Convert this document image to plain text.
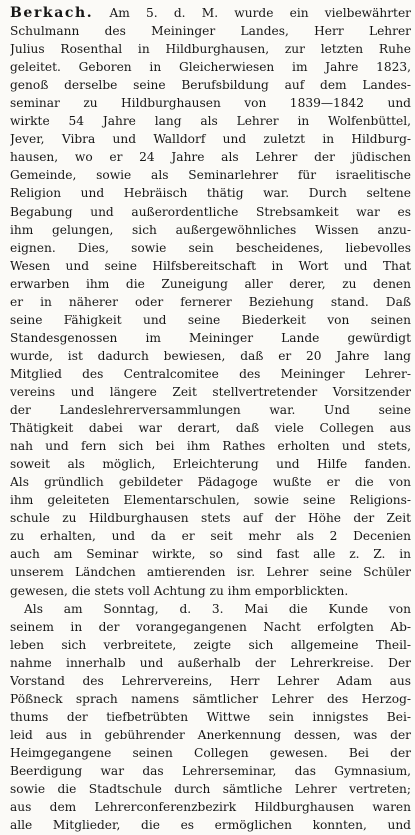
Berkach. Am 5. d. M. wurde ein vielbewährter
Schulmann des Meininger Landes, Herr Lehrer
Julius Rosenthal in Hildburghausen, zur letzten Ruhe
geleitet. Geboren in Gleicherwiesen im Jahre 1823,
genoß derselbe seine Berufsbildung auf dem Landes-
seminar zu Hildburghausen von 1839—1842 und
wirkte 54 Jahre lang als Lehrer in Wolfenbüttel,
Jever, Vibra und Walldorf und zuletzt in Hildburg-
hausen, wo er 24 Jahre als Lehrer der jüdischen
Gemeinde, sowie als Seminarlehrer für israelitische
Religion und Hebräisch thätig war. Durch seltene
Begabung und außerordentliche Strebsamkeit war es
ihm gelungen, sich außergewöhnliches Wissen anzu-
eignen. Dies, sowie sein bescheidenes, liebevolles
Wesen und seine Hilfsbereitschaft in Wort und That
erwarben ihm die Zuneigung aller derer, zu denen
er in näherer oder fernerer Beziehung stand. Daß
seine Fähigkeit und seine Biederkeit von seinen
Standesgenossen im Meininger Lande gewürdigt
wurde, ist dadurch bewiesen, daß er 20 Jahre lang
Mitglied des Centralcomitee des Meininger Lehrer-
vereins und längere Zeit stellvertretender Vorsitzender
der Landeslehrerversammlungen war. Und seine
Thätigkeit dabei war derart, daß viele Collegen aus
nah und fern sich bei ihm Rathes erholten und stets,
soweit als möglich, Erleichterung und Hilfe fanden.
Als gründlich gebildeter Pädagoge wußte er die von
ihm geleiteten Elementarschulen, sowie seine Religions-
schule zu Hildburghausen stets auf der Höhe der Zeit
zu erhalten, und da er seit mehr als 2 Decenien
auch am Seminar wirkte, so sind fast alle z. Z. in
unserem Ländchen amtierenden isr. Lehrer seine Schüler
gewesen, die stets voll Achtung zu ihm emporblickten.
Als am Sonntag, d. 3. Mai die Kunde von
seinem in der vorangegangenen Nacht erfolgten Ab-
leben sich verbreitete, zeigte sich allgemeine Theil-
nahme innerhalb und außerhalb der Lehrerkreise. Der
Vorstand des Lehrervereins, Herr Lehrer Adam aus
Pößneck sprach namens sämtlicher Lehrer des Herzog-
thums der tiefbetrübten Wittwe sein innigstes Bei-
leid aus in gebührender Anerkennung dessen, was der
Heimgegangene seinen Collegen gewesen. Bei der
Beerdigung war das Lehrerseminar, das Gymnasium,
sowie die Stadtschule durch sämtliche Lehrer vertreten;
aus dem Lehrerconferenzbezirk Hildburghausen waren
alle Mitglieder, die es ermöglichen konnten, und
